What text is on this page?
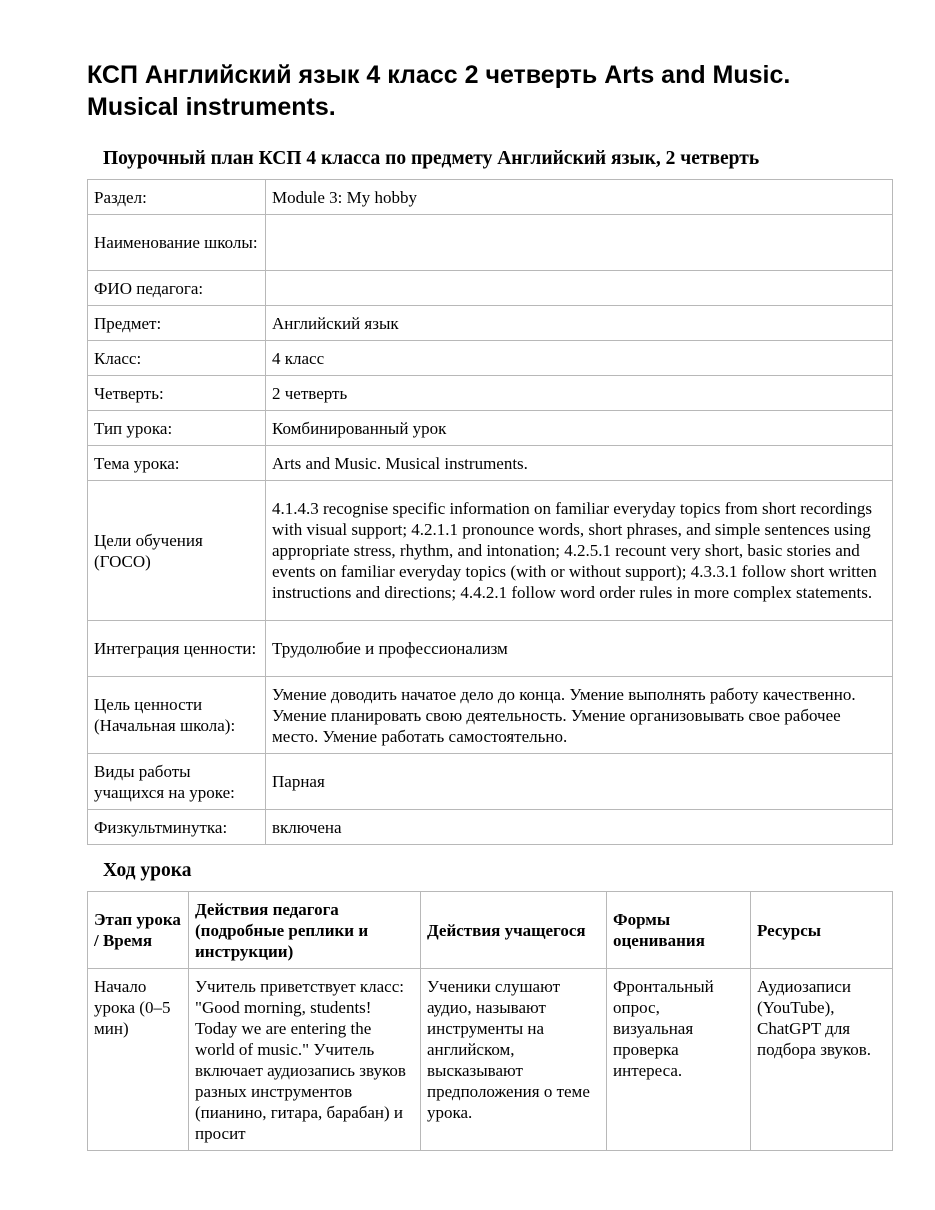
КСП Английский язык 4 класс 2 четверть Arts and Music. Musical instruments.
Поурочный план КСП 4 класса по предмету Английский язык, 2 четверть
Раздел:	Module 3: My hobby
Наименование школы:	
ФИО педагога:	
Предмет:	Английский язык
Класс:	4 класс
Четверть:	2 четверть
Тип урока:	Комбинированный урок
Тема урока:	Arts and Music. Musical instruments.
Цели обучения (ГОСО)	4.1.4.3 recognise specific information on familiar everyday topics from short recordings with visual support; 4.2.1.1 pronounce words, short phrases, and simple sentences using appropriate stress, rhythm, and intonation; 4.2.5.1 recount very short, basic stories and events on familiar everyday topics (with or without support); 4.3.3.1 follow short written instructions and directions; 4.4.2.1 follow word order rules in more complex statements.
Интеграция ценности:	Трудолюбие и профессионализм
Цель ценности (Начальная школа):	Умение доводить начатое дело до конца. Умение выполнять работу качественно. Умение планировать свою деятельность. Умение организовывать свое рабочее место. Умение работать самостоятельно.
Виды работы учащихся на уроке:	Парная
Физкультминутка:	включена
Ход урока
Этап урока / Время	Действия педагога (подробные реплики и инструкции)	Действия учащегося	Формы оценивания	Ресурсы
Начало урока (0–5 мин)	Учитель приветствует класс: "Good morning, students! Today we are entering the world of music." Учитель включает аудиозапись звуков разных инструментов (пианино, гитара, барабан) и просит	Ученики слушают аудио, называют инструменты на английском, высказывают предположения о теме урока.	Фронтальный опрос, визуальная проверка интереса.	Аудиозаписи (YouTube), ChatGPT для подбора звуков.
